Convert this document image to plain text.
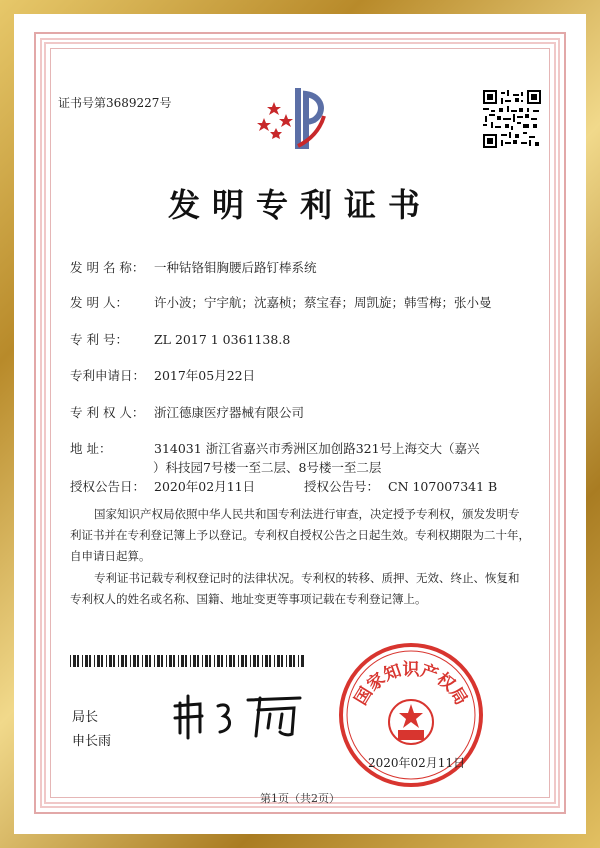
证书号第3689227号
发明专利证书
发 明 名 称： 一种钴铬钼胸腰后路钉棒系统
发 明 人： 许小波；宁宇航；沈嘉桢；蔡宝春；周凯旋；韩雪梅；张小曼
专 利 号： ZL 2017 1 0361138.8
专利申请日： 2017年05月22日
专 利 权 人： 浙江德康医疗器械有限公司
地 址：	314031 浙江省嘉兴市秀洲区加创路321号上海交大（嘉兴
）科技园7号楼一至二层、8号楼一至二层
授权公告日： 2020年02月11日	授权公告号： CN 107007341 B
国家知识产权局依照中华人民共和国专利法进行审查，决定授予专利权，颁发发明专利证书并在专利登记簿上予以登记。专利权自授权公告之日起生效。专利权期限为二十年，自申请日起算。
专利证书记载专利权登记时的法律状况。专利权的转移、质押、无效、终止、恢复和专利权人的姓名或名称、国籍、地址变更等事项记载在专利登记簿上。
局长
申长雨
国家知识产权局
2020年02月11日
第1页（共2页）
